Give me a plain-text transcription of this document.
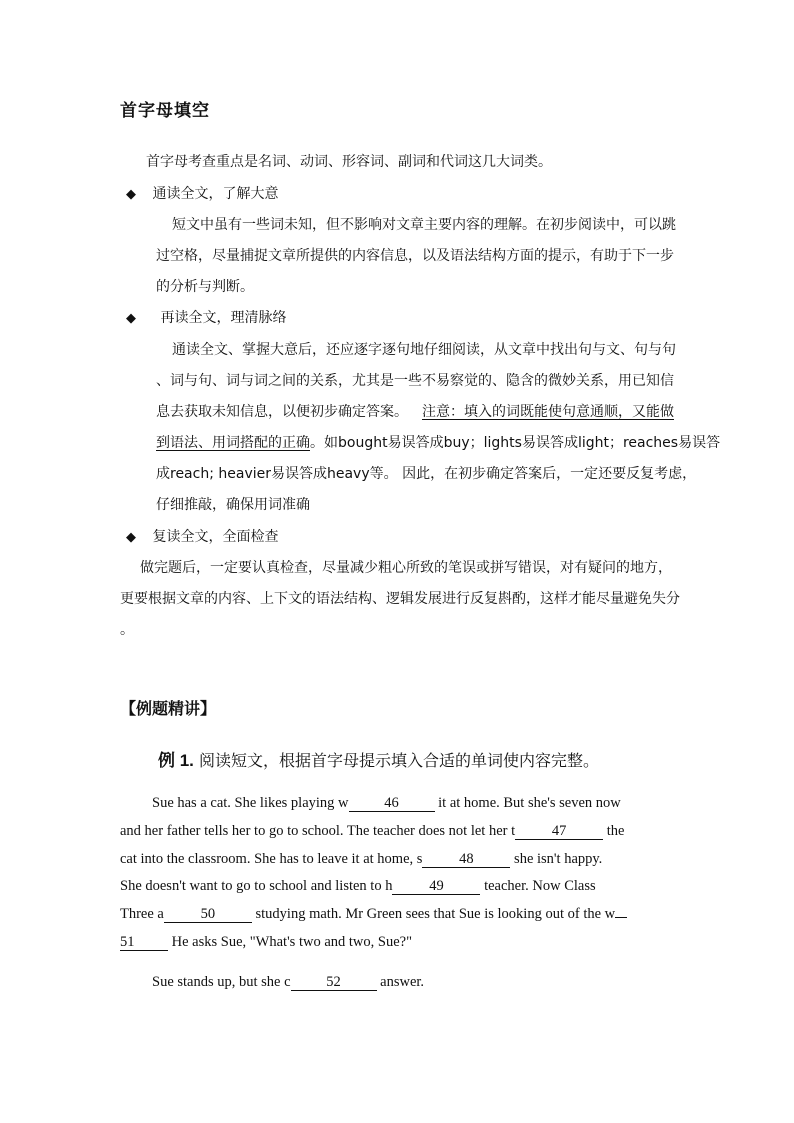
首字母填空
首字母考查重点是名词、动词、形容词、副词和代词这几大词类。
◆ 通读全文，了解大意
短文中虽有一些词未知，但不影响对文章主要内容的理解。在初步阅读中，可以跳
过空格，尽量捕捉文章所提供的内容信息，以及语法结构方面的提示，有助于下一步
的分析与判断。
◆ 再读全文，理清脉络
通读全文、掌握大意后，还应逐字逐句地仔细阅读，从文章中找出句与文、句与句
、词与句、词与词之间的关系，尤其是一些不易察觉的、隐含的微妙关系，用已知信
息去获取未知信息，以便初步确定答案。 注意：填入的词既能使句意通顺，又能做
到语法、用词搭配的正确。如bought易误答成buy；lights易误答成light；reaches易误答
成reach; heavier易误答成heavy等。 因此，在初步确定答案后，一定还要反复考虑，
仔细推敲，确保用词准确
◆ 复读全文，全面检查
做完题后，一定要认真检查，尽量减少粗心所致的笔误或拼写错误，对有疑问的地方，
更要根据文章的内容、上下文的语法结构、逻辑发展进行反复斟酌，这样才能尽量避免失分
。
【例题精讲】
例 1. 阅读短文，根据首字母提示填入合适的单词使内容完整。
Sue has a cat. She likes playing w 46 it at home. But she's seven now
and her father tells her to go to school. The teacher does not let her t	47	the
cat into the classroom. She has to leave it at home, s	48	she isn't happy.
She doesn't want to go to school and listen to h	49	teacher. Now Class
Three a	50	studying math. Mr Green sees that Sue is looking out of the w
51 He asks Sue, "What's two and two, Sue?"
Sue stands up, but she c 52 answer.
